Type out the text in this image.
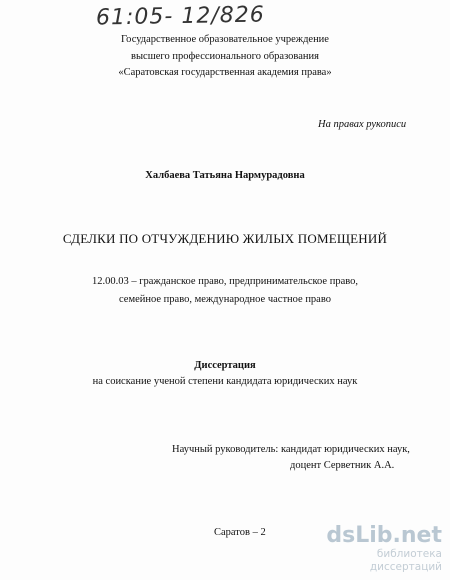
61:05- 12/826
Государственное образовательное учреждение
высшего профессионального образования
«Саратовская государственная академия права»
На правах рукописи
Халбаева Татьяна Нармурадовна
СДЕЛКИ ПО ОТЧУЖДЕНИЮ ЖИЛЫХ ПОМЕЩЕНИЙ
12.00.03 – гражданское право, предпринимательское право,
семейное право, международное частное право
Диссертация
на соискание ученой степени кандидата юридических наук
Научный руководитель: кандидат юридических наук,
доцент Серветник А.А.
Саратов – 2	dsLib.net
библиотека диссертаций
